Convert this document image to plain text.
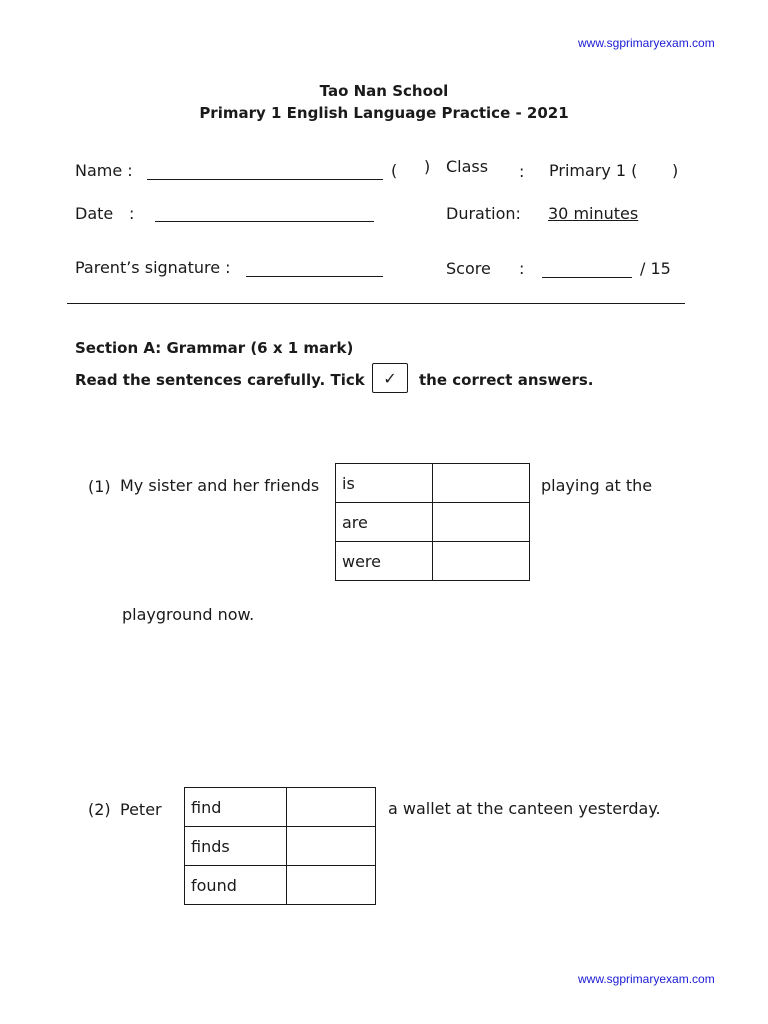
www.sgprimaryexam.com
www.sgprimaryexam.com
Tao Nan School
Primary 1 English Language Practice - 2021
Name :	( ) Class : Primary 1 ( )
Date :	Duration: 30 minutes
Parent’s signature :	Score :	/ 15
Section A: Grammar (6 x 1 mark)
Read the sentences carefully. Tick ✓ the correct answers.
(1) My sister and her friends is	
are	
were	
playing at the
playground now.
(2) Peter find	
finds	
found	
a wallet at the canteen yesterday.
